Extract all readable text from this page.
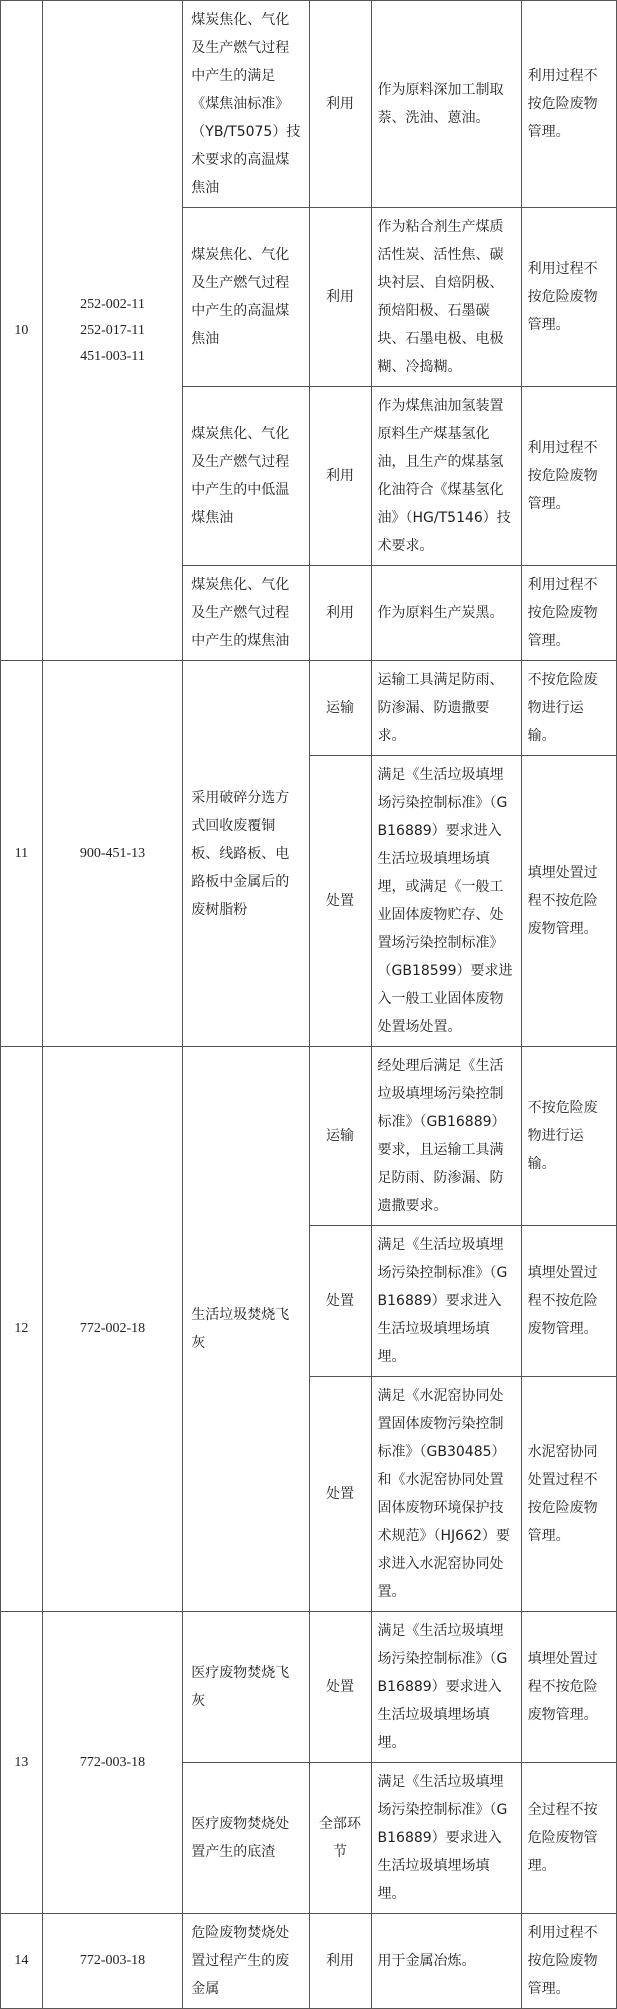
10	252-002-11
252-017-11
451-003-11	煤炭焦化、气化及生产燃气过程中产生的满足《煤焦油标准》（YB/T5075）技术要求的高温煤焦油	利用	作为原料深加工制取萘、洗油、蒽油。	利用过程不按危险废物管理。
		煤炭焦化、气化及生产燃气过程中产生的高温煤焦油	利用	作为粘合剂生产煤质活性炭、活性焦、碳块衬层、自焙阴极、预焙阳极、石墨碳块、石墨电极、电极糊、冷捣糊。	利用过程不按危险废物管理。
		煤炭焦化、气化及生产燃气过程中产生的中低温煤焦油	利用	作为煤焦油加氢装置原料生产煤基氢化油，且生产的煤基氢化油符合《煤基氢化油》（HG/T5146）技术要求。	利用过程不按危险废物管理。
		煤炭焦化、气化及生产燃气过程中产生的煤焦油	利用	作为原料生产炭黑。	利用过程不按危险废物管理。
11	900-451-13	采用破碎分选方式回收废覆铜板、线路板、电路板中金属后的废树脂粉	运输	运输工具满足防雨、防渗漏、防遗撒要求。	不按危险废物进行运输。
			处置	满足《生活垃圾填埋场污染控制标准》（GB16889）要求进入生活垃圾填埋场填埋，或满足《一般工业固体废物贮存、处置场污染控制标准》（GB18599）要求进入一般工业固体废物处置场处置。	填埋处置过程不按危险废物管理。
12	772-002-18	生活垃圾焚烧飞灰	运输	经处理后满足《生活垃圾填埋场污染控制标准》（GB16889）要求，且运输工具满足防雨、防渗漏、防遗撒要求。	不按危险废物进行运输。
			处置	满足《生活垃圾填埋场污染控制标准》（GB16889）要求进入生活垃圾填埋场填埋。	填埋处置过程不按危险废物管理。
			处置	满足《水泥窑协同处置固体废物污染控制标准》（GB30485）和《水泥窑协同处置固体废物环境保护技术规范》（HJ662）要求进入水泥窑协同处置。	水泥窑协同处置过程不按危险废物管理。
13	772-003-18	医疗废物焚烧飞灰	处置	满足《生活垃圾填埋场污染控制标准》（GB16889）要求进入生活垃圾填埋场填埋。	填埋处置过程不按危险废物管理。
		医疗废物焚烧处置产生的底渣	全部环节	满足《生活垃圾填埋场污染控制标准》（GB16889）要求进入生活垃圾填埋场填埋。	全过程不按危险废物管理。
14	772-003-18	危险废物焚烧处置过程产生的废金属	利用	用于金属冶炼。	利用过程不按危险废物管理。
